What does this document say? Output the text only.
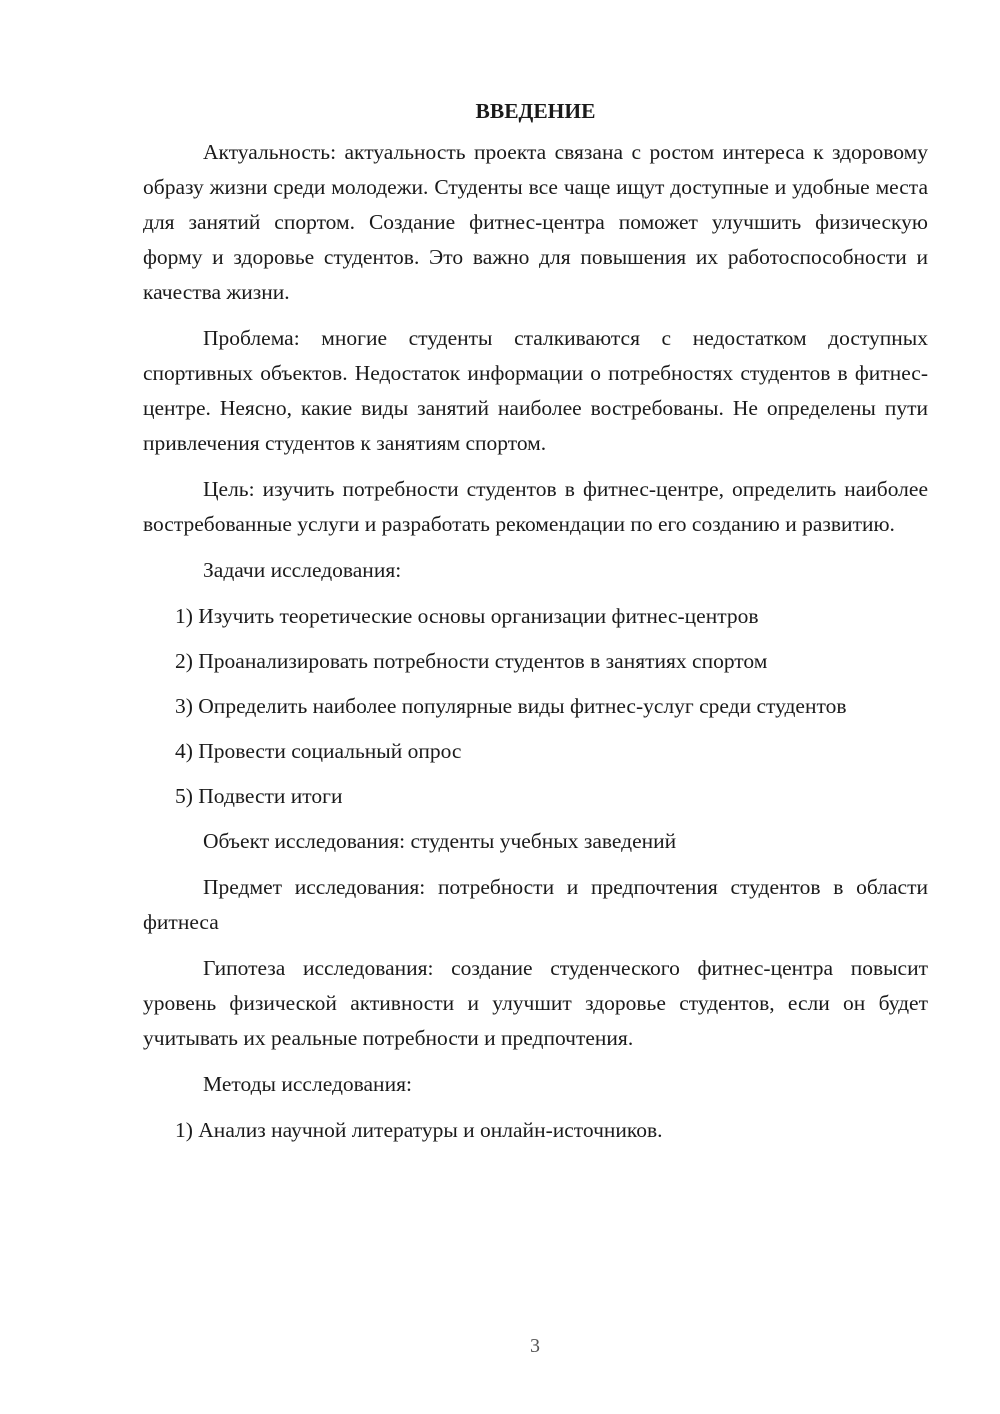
ВВЕДЕНИЕ

Актуальность: актуальность проекта связана с ростом интереса к здоровому образу жизни среди молодежи. Студенты все чаще ищут доступные и удобные места для занятий спортом. Создание фитнес-центра поможет улучшить физическую форму и здоровье студентов. Это важно для повышения их работоспособности и качества жизни.

Проблема: многие студенты сталкиваются с недостатком доступных спортивных объектов. Недостаток информации о потребностях студентов в фитнес-центре. Неясно, какие виды занятий наиболее востребованы. Не определены пути привлечения студентов к занятиям спортом.

Цель: изучить потребности студентов в фитнес-центре, определить наиболее востребованные услуги и разработать рекомендации по его созданию и развитию.

Задачи исследования:

1) Изучить теоретические основы организации фитнес-центров

2) Проанализировать потребности студентов в занятиях спортом

3) Определить наиболее популярные виды фитнес-услуг среди студентов

4) Провести социальный опрос

5) Подвести итоги

Объект исследования: студенты учебных заведений

Предмет исследования: потребности и предпочтения студентов в области фитнеса

Гипотеза исследования: создание студенческого фитнес-центра повысит уровень физической активности и улучшит здоровье студентов, если он будет учитывать их реальные потребности и предпочтения.

Методы исследования:

1) Анализ научной литературы и онлайн-источников.

3
